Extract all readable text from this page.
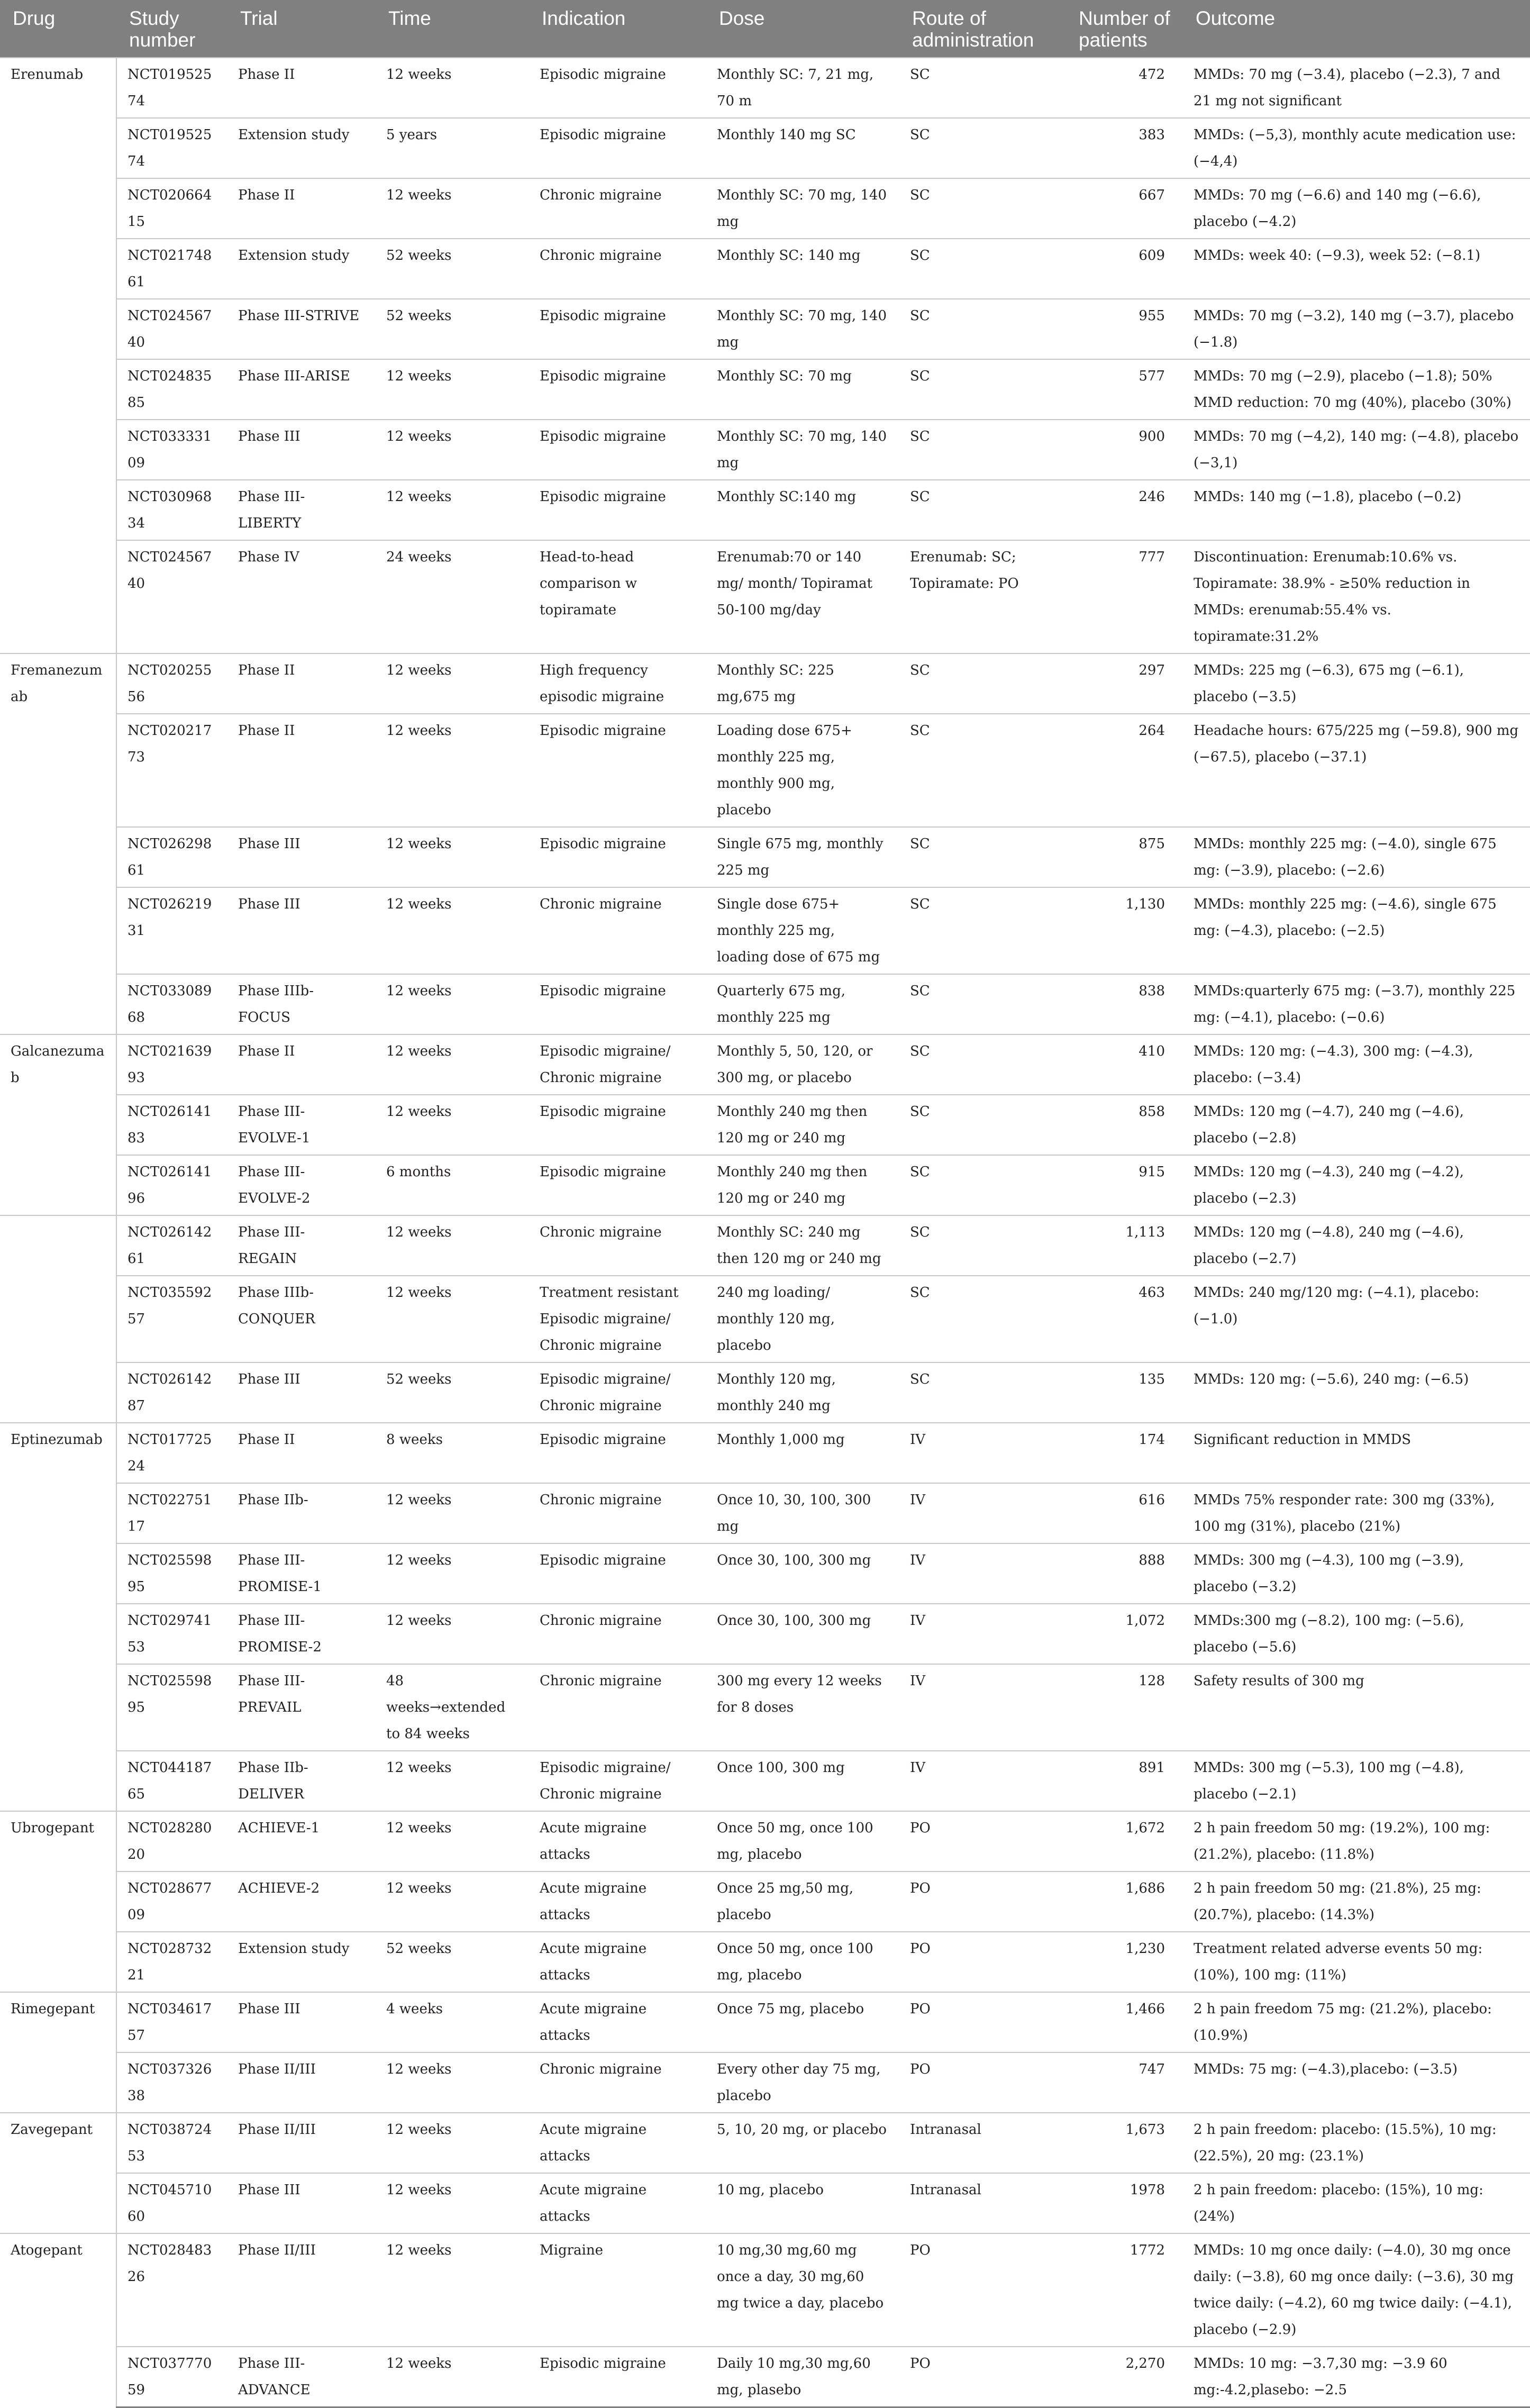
Drug	Study number	Trial	Time	Indication	Dose	Route of administration	Number of patients	Outcome
Erenumab	NCT01952574	Phase II	12 weeks	Episodic migraine	Monthly SC: 7, 21 mg, 70 m	SC	472	MMDs: 70 mg (−3.4), placebo (−2.3), 7 and 21 mg not significant
	NCT01952574	Extension study	5 years	Episodic migraine	Monthly 140 mg SC	SC	383	MMDs: (−5,3), monthly acute medication use: (−4,4)
	NCT02066415	Phase II	12 weeks	Chronic migraine	Monthly SC: 70 mg, 140 mg	SC	667	MMDs: 70 mg (−6.6) and 140 mg (−6.6), placebo (−4.2)
	NCT02174861	Extension study	52 weeks	Chronic migraine	Monthly SC: 140 mg	SC	609	MMDs: week 40: (−9.3), week 52: (−8.1)
	NCT02456740	Phase III-STRIVE	52 weeks	Episodic migraine	Monthly SC: 70 mg, 140 mg	SC	955	MMDs: 70 mg (−3.2), 140 mg (−3.7), placebo (−1.8)
	NCT02483585	Phase III-ARISE	12 weeks	Episodic migraine	Monthly SC: 70 mg	SC	577	MMDs: 70 mg (−2.9), placebo (−1.8); 50% MMD reduction: 70 mg (40%), placebo (30%)
	NCT03333109	Phase III	12 weeks	Episodic migraine	Monthly SC: 70 mg, 140 mg	SC	900	MMDs: 70 mg (−4,2), 140 mg: (−4.8), placebo (−3,1)
	NCT03096834	Phase III- LIBERTY	12 weeks	Episodic migraine	Monthly SC:140 mg	SC	246	MMDs: 140 mg (−1.8), placebo (−0.2)
	NCT02456740	Phase IV	24 weeks	Head-to-head comparison w topiramate	Erenumab:70 or 140 mg/ month/ Topiramat 50-100 mg/day	Erenumab: SC; Topiramate: PO	777	Discontinuation: Erenumab:10.6% vs. Topiramate: 38.9% - ≥50% reduction in MMDs: erenumab:55.4% vs. topiramate:31.2%
Fremanezumab	NCT02025556	Phase II	12 weeks	High frequency episodic migraine	Monthly SC: 225 mg,675 mg	SC	297	MMDs: 225 mg (−6.3), 675 mg (−6.1), placebo (−3.5)
	NCT02021773	Phase II	12 weeks	Episodic migraine	Loading dose 675+ monthly 225 mg, monthly 900 mg, placebo	SC	264	Headache hours: 675/225 mg (−59.8), 900 mg (−67.5), placebo (−37.1)
	NCT02629861	Phase III	12 weeks	Episodic migraine	Single 675 mg, monthly 225 mg	SC	875	MMDs: monthly 225 mg: (−4.0), single 675 mg: (−3.9), placebo: (−2.6)
	NCT02621931	Phase III	12 weeks	Chronic migraine	Single dose 675+ monthly 225 mg, loading dose of 675 mg	SC	1,130	MMDs: monthly 225 mg: (−4.6), single 675 mg: (−4.3), placebo: (−2.5)
	NCT03308968	Phase IIIb- FOCUS	12 weeks	Episodic migraine	Quarterly 675 mg, monthly 225 mg	SC	838	MMDs:quarterly 675 mg: (−3.7), monthly 225 mg: (−4.1), placebo: (−0.6)
Galcanezumab	NCT02163993	Phase II	12 weeks	Episodic migraine/ Chronic migraine	Monthly 5, 50, 120, or 300 mg, or placebo	SC	410	MMDs: 120 mg: (−4.3), 300 mg: (−4.3), placebo: (−3.4)
	NCT02614183	Phase III- EVOLVE-1	12 weeks	Episodic migraine	Monthly 240 mg then 120 mg or 240 mg	SC	858	MMDs: 120 mg (−4.7), 240 mg (−4.6), placebo (−2.8)
	NCT02614196	Phase III- EVOLVE-2	6 months	Episodic migraine	Monthly 240 mg then 120 mg or 240 mg	SC	915	MMDs: 120 mg (−4.3), 240 mg (−4.2), placebo (−2.3)
	NCT02614261	Phase III- REGAIN	12 weeks	Chronic migraine	Monthly SC: 240 mg then 120 mg or 240 mg	SC	1,113	MMDs: 120 mg (−4.8), 240 mg (−4.6), placebo (−2.7)
	NCT03559257	Phase IIIb- CONQUER	12 weeks	Treatment resistant Episodic migraine/ Chronic migraine	240 mg loading/ monthly 120 mg, placebo	SC	463	MMDs: 240 mg/120 mg: (−4.1), placebo: (−1.0)
	NCT02614287	Phase III	52 weeks	Episodic migraine/ Chronic migraine	Monthly 120 mg, monthly 240 mg	SC	135	MMDs: 120 mg: (−5.6), 240 mg: (−6.5)
Eptinezumab	NCT01772524	Phase II	8 weeks	Episodic migraine	Monthly 1,000 mg	IV	174	Significant reduction in MMDS
	NCT02275117	Phase IIb-	12 weeks	Chronic migraine	Once 10, 30, 100, 300 mg	IV	616	MMDs 75% responder rate: 300 mg (33%), 100 mg (31%), placebo (21%)
	NCT02559895	Phase III- PROMISE-1	12 weeks	Episodic migraine	Once 30, 100, 300 mg	IV	888	MMDs: 300 mg (−4.3), 100 mg (−3.9), placebo (−3.2)
	NCT02974153	Phase III- PROMISE-2	12 weeks	Chronic migraine	Once 30, 100, 300 mg	IV	1,072	MMDs:300 mg (−8.2), 100 mg: (−5.6), placebo (−5.6)
	NCT02559895	Phase III- PREVAIL	48 weeks→extended to 84 weeks	Chronic migraine	300 mg every 12 weeks for 8 doses	IV	128	Safety results of 300 mg
	NCT04418765	Phase IIb- DELIVER	12 weeks	Episodic migraine/ Chronic migraine	Once 100, 300 mg	IV	891	MMDs: 300 mg (−5.3), 100 mg (−4.8), placebo (−2.1)
Ubrogepant	NCT02828020	ACHIEVE-1	12 weeks	Acute migraine attacks	Once 50 mg, once 100 mg, placebo	PO	1,672	2 h pain freedom 50 mg: (19.2%), 100 mg: (21.2%), placebo: (11.8%)
	NCT02867709	ACHIEVE-2	12 weeks	Acute migraine attacks	Once 25 mg,50 mg, placebo	PO	1,686	2 h pain freedom 50 mg: (21.8%), 25 mg: (20.7%), placebo: (14.3%)
	NCT02873221	Extension study	52 weeks	Acute migraine attacks	Once 50 mg, once 100 mg, placebo	PO	1,230	Treatment related adverse events 50 mg: (10%), 100 mg: (11%)
Rimegepant	NCT03461757	Phase III	4 weeks	Acute migraine attacks	Once 75 mg, placebo	PO	1,466	2 h pain freedom 75 mg: (21.2%), placebo: (10.9%)
	NCT03732638	Phase II/III	12 weeks	Chronic migraine	Every other day 75 mg, placebo	PO	747	MMDs: 75 mg: (−4.3),placebo: (−3.5)
Zavegepant	NCT03872453	Phase II/III	12 weeks	Acute migraine attacks	5, 10, 20 mg, or placebo	Intranasal	1,673	2 h pain freedom: placebo: (15.5%), 10 mg: (22.5%), 20 mg: (23.1%)
	NCT04571060	Phase III	12 weeks	Acute migraine attacks	10 mg, placebo	Intranasal	1978	2 h pain freedom: placebo: (15%), 10 mg: (24%)
Atogepant	NCT02848326	Phase II/III	12 weeks	Migraine	10 mg,30 mg,60 mg once a day, 30 mg,60 mg twice a day, placebo	PO	1772	MMDs: 10 mg once daily: (−4.0), 30 mg once daily: (−3.8), 60 mg once daily: (−3.6), 30 mg twice daily: (−4.2), 60 mg twice daily: (−4.1), placebo (−2.9)
	NCT03777059	Phase III- ADVANCE	12 weeks	Episodic migraine	Daily 10 mg,30 mg,60 mg, plasebo	PO	2,270	MMDs: 10 mg: −3.7,30 mg: −3.9 60 mg:-4.2,plasebo: −2.5
